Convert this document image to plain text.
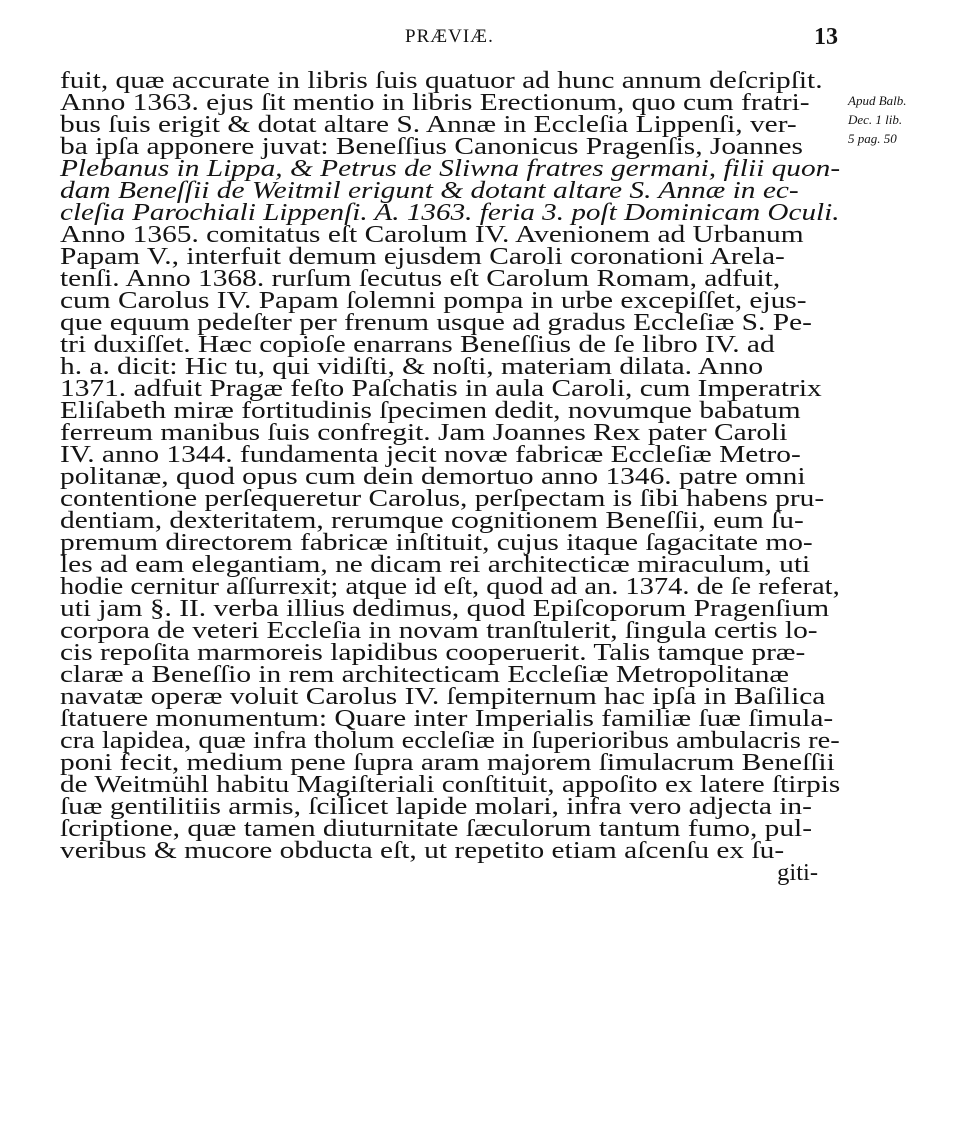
PRÆVIÆ.	13
fuit, quæ accurate in libris ſuis quatuor ad hunc annum deſcripſit.
Anno 1363. ejus ſit mentio in libris Erectionum, quo cum fratri-
bus ſuis erigit & dotat altare S. Annæ in Eccleſia Lippenſi, ver-
ba ipſa apponere juvat: Beneſſius Canonicus Pragenſis, Joannes
Plebanus in Lippa, & Petrus de Sliwna fratres germani, filii quon-
dam Beneſſii de Weitmil erigunt & dotant altare S. Annæ in ec-
cleſia Parochiali Lippenſi. A. 1363. feria 3. poſt Dominicam Oculi.
Anno 1365. comitatus eſt Carolum IV. Avenionem ad Urbanum
Papam V., interfuit demum ejusdem Caroli coronationi Arela-
tenſi. Anno 1368. rurſum ſecutus eſt Carolum Romam, adfuit,
cum Carolus IV. Papam ſolemni pompa in urbe excepiſſet, ejus-
que equum pedeſter per frenum usque ad gradus Eccleſiæ S. Pe-
tri duxiſſet. Hæc copioſe enarrans Beneſſius de ſe libro IV. ad
h. a. dicit: Hic tu, qui vidiſti, & noſti, materiam dilata. Anno
1371. adfuit Pragæ feſto Paſchatis in aula Caroli, cum Imperatrix
Eliſabeth miræ fortitudinis ſpecimen dedit, novumque babatum
ferreum manibus ſuis confregit. Jam Joannes Rex pater Caroli
IV. anno 1344. fundamenta jecit novæ fabricæ Eccleſiæ Metro-
politanæ, quod opus cum dein demortuo anno 1346. patre omni
contentione perſequeretur Carolus, perſpectam is ſibi habens pru-
dentiam, dexteritatem, rerumque cognitionem Beneſſii, eum ſu-
premum directorem fabricæ inſtituit, cujus itaque ſagacitate mo-
les ad eam elegantiam, ne dicam rei architecticæ miraculum, uti
hodie cernitur aſſurrexit; atque id eſt, quod ad an. 1374. de ſe referat,
uti jam §. II. verba illius dedimus, quod Epiſcoporum Pragenſium
corpora de veteri Eccleſia in novam tranſtulerit, ſingula certis lo-
cis repoſita marmoreis lapidibus cooperuerit. Talis tamque præ-
claræ a Beneſſio in rem architecticam Eccleſiæ Metropolitanæ
navatæ operæ voluit Carolus IV. ſempiternum hac ipſa in Baſilica
ſtatuere monumentum: Quare inter Imperialis familiæ ſuæ ſimula-
cra lapidea, quæ infra tholum eccleſiæ in ſuperioribus ambulacris re-
poni fecit, medium pene ſupra aram majorem ſimulacrum Beneſſii
de Weitmühl habitu Magiſteriali conſtituit, appoſito ex latere ſtirpis
ſuæ gentilitiis armis, ſcilicet lapide molari, infra vero adjecta in-
ſcriptione, quæ tamen diuturnitate ſæculorum tantum fumo, pul-
veribus & mucore obducta eſt, ut repetito etiam aſcenſu ex ſu-
giti-
Apud Balb.
Dec. 1 lib.
5 pag. 50
